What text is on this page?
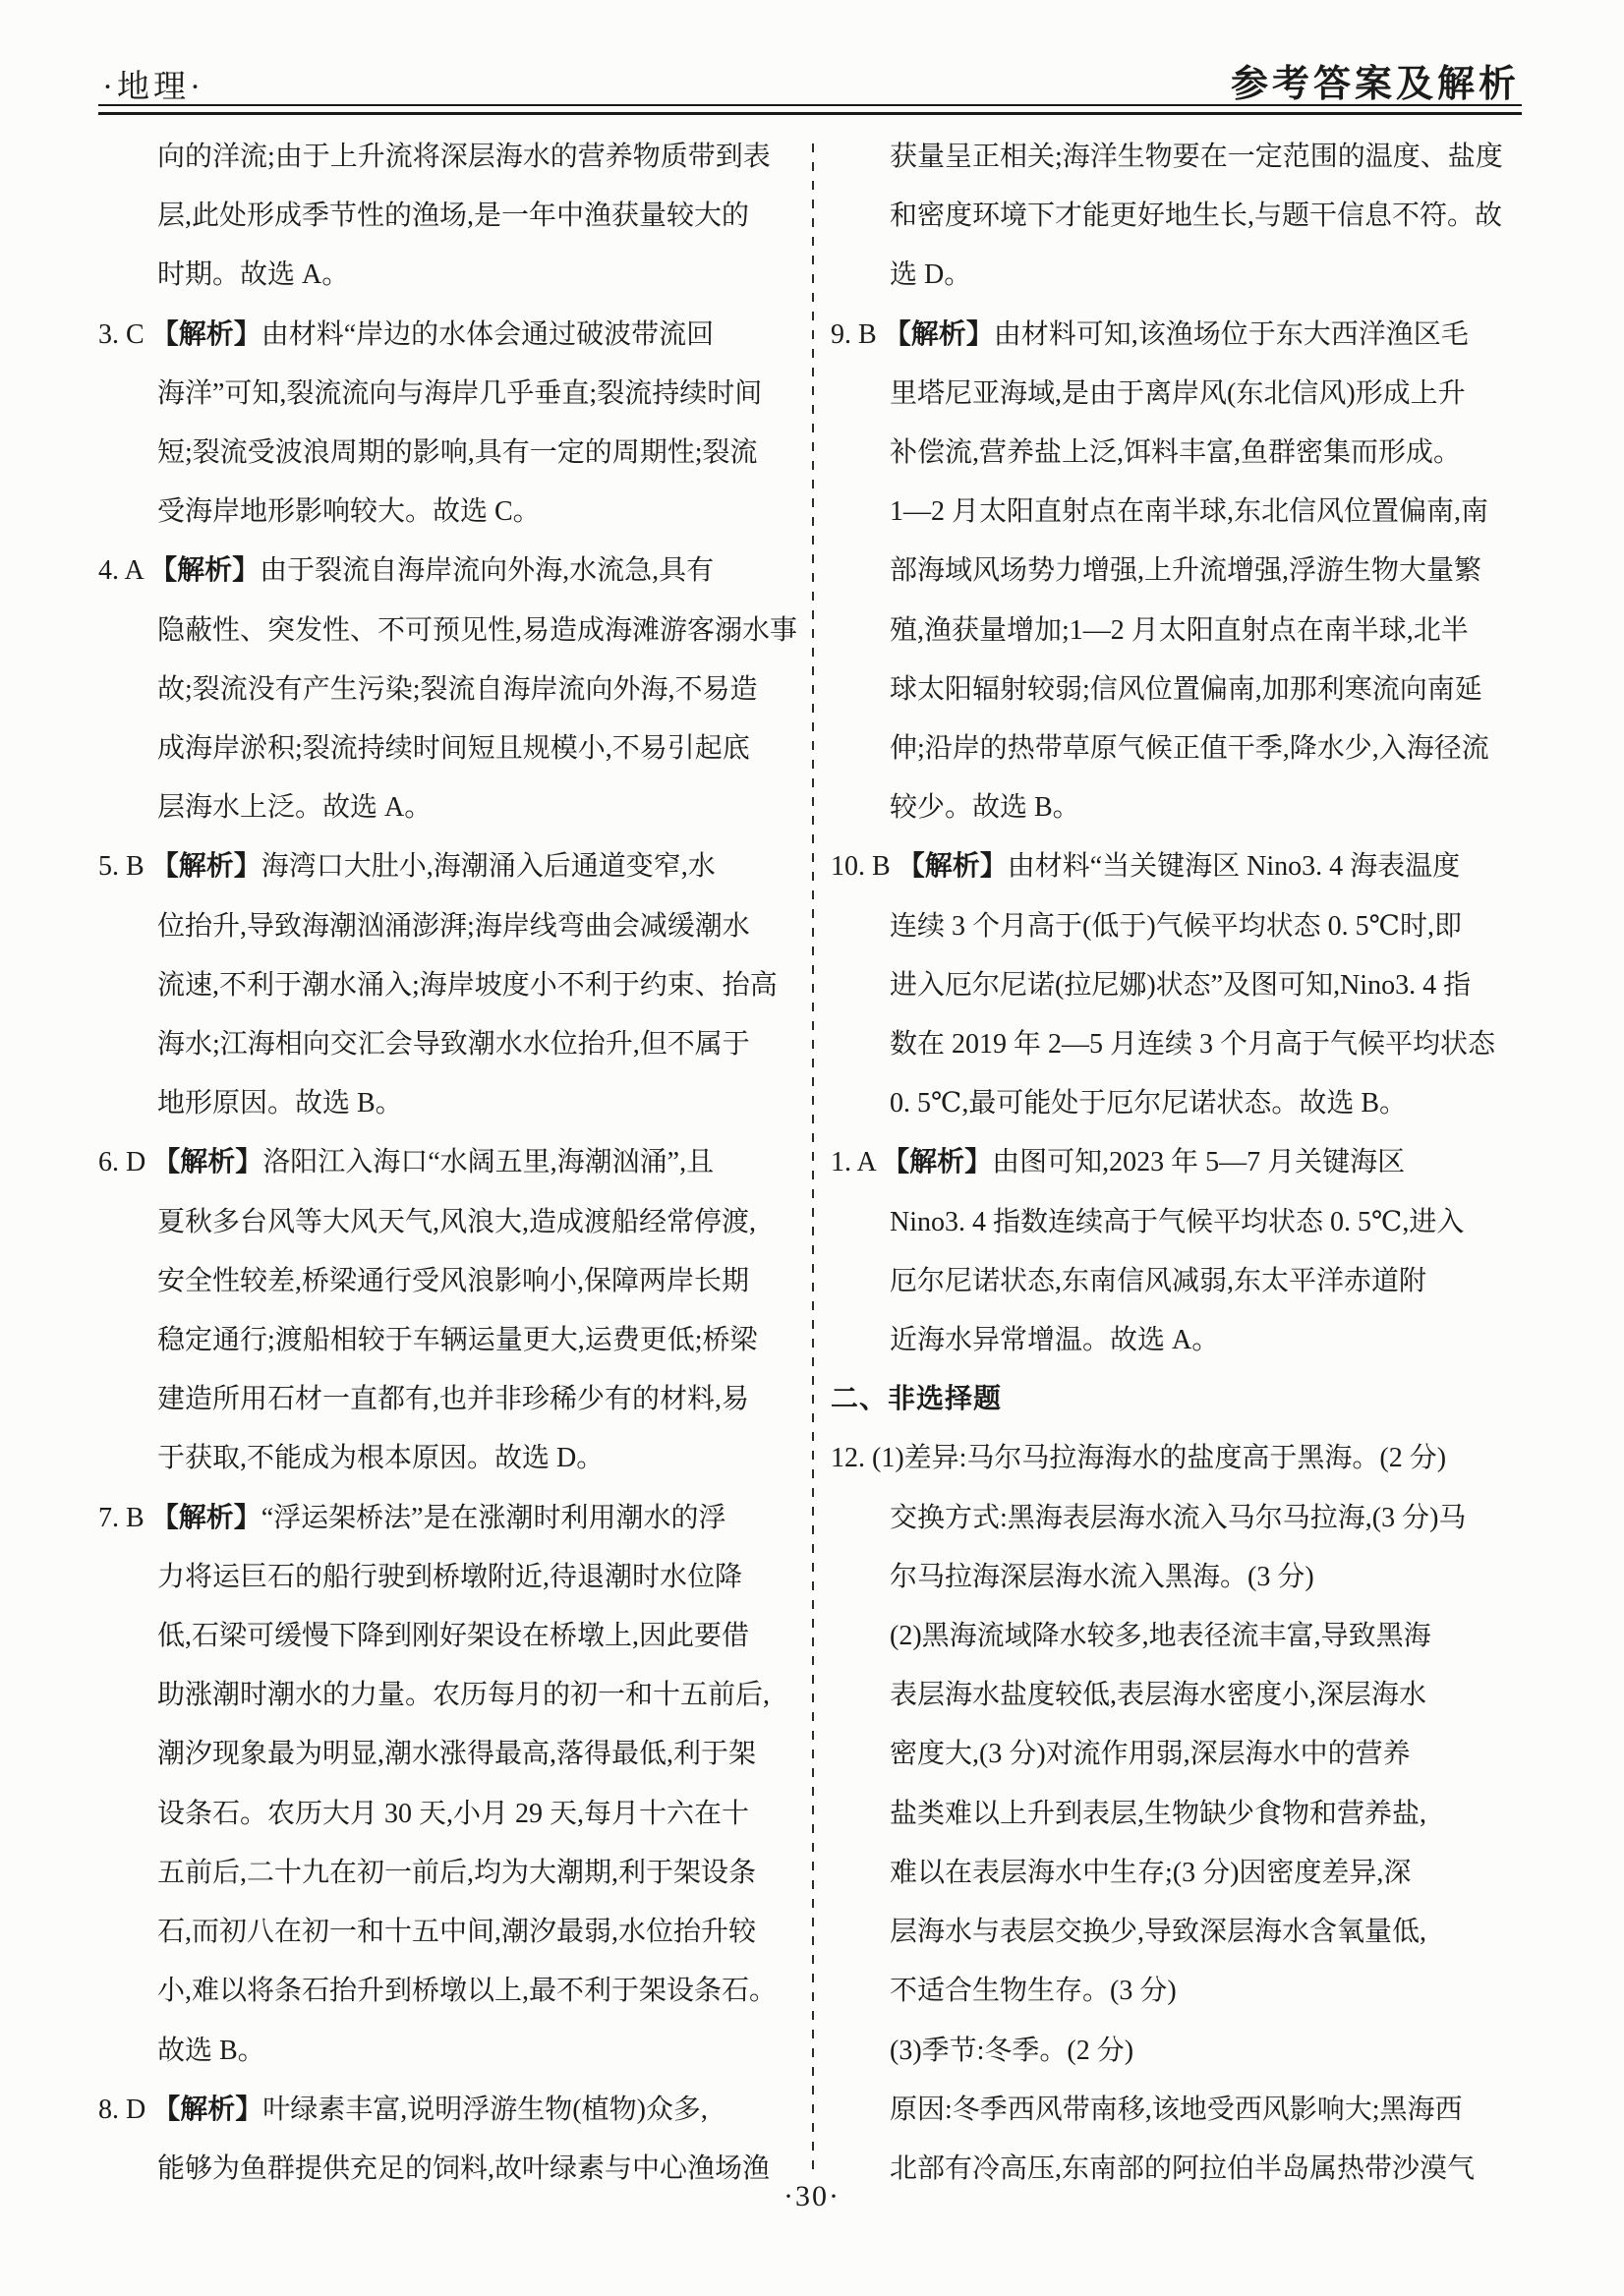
·地理·	参考答案及解析
向的洋流;由于上升流将深层海水的营养物质带到表
层,此处形成季节性的渔场,是一年中渔获量较大的
时期。故选 A。
3. C 【解析】由材料“岸边的水体会通过破波带流回
海洋”可知,裂流流向与海岸几乎垂直;裂流持续时间
短;裂流受波浪周期的影响,具有一定的周期性;裂流
受海岸地形影响较大。故选 C。
4. A 【解析】由于裂流自海岸流向外海,水流急,具有
隐蔽性、突发性、不可预见性,易造成海滩游客溺水事
故;裂流没有产生污染;裂流自海岸流向外海,不易造
成海岸淤积;裂流持续时间短且规模小,不易引起底
层海水上泛。故选 A。
5. B 【解析】海湾口大肚小,海潮涌入后通道变窄,水
位抬升,导致海潮汹涌澎湃;海岸线弯曲会减缓潮水
流速,不利于潮水涌入;海岸坡度小不利于约束、抬高
海水;江海相向交汇会导致潮水水位抬升,但不属于
地形原因。故选 B。
6. D 【解析】洛阳江入海口“水阔五里,海潮汹涌”,且
夏秋多台风等大风天气,风浪大,造成渡船经常停渡,
安全性较差,桥梁通行受风浪影响小,保障两岸长期
稳定通行;渡船相较于车辆运量更大,运费更低;桥梁
建造所用石材一直都有,也并非珍稀少有的材料,易
于获取,不能成为根本原因。故选 D。
7. B 【解析】“浮运架桥法”是在涨潮时利用潮水的浮
力将运巨石的船行驶到桥墩附近,待退潮时水位降
低,石梁可缓慢下降到刚好架设在桥墩上,因此要借
助涨潮时潮水的力量。农历每月的初一和十五前后,
潮汐现象最为明显,潮水涨得最高,落得最低,利于架
设条石。农历大月 30 天,小月 29 天,每月十六在十
五前后,二十九在初一前后,均为大潮期,利于架设条
石,而初八在初一和十五中间,潮汐最弱,水位抬升较
小,难以将条石抬升到桥墩以上,最不利于架设条石。
故选 B。
8. D 【解析】叶绿素丰富,说明浮游生物(植物)众多,
能够为鱼群提供充足的饲料,故叶绿素与中心渔场渔
获量呈正相关;海洋生物要在一定范围的温度、盐度
和密度环境下才能更好地生长,与题干信息不符。故
选 D。
9. B 【解析】由材料可知,该渔场位于东大西洋渔区毛
里塔尼亚海域,是由于离岸风(东北信风)形成上升
补偿流,营养盐上泛,饵料丰富,鱼群密集而形成。
1—2 月太阳直射点在南半球,东北信风位置偏南,南
部海域风场势力增强,上升流增强,浮游生物大量繁
殖,渔获量增加;1—2 月太阳直射点在南半球,北半
球太阳辐射较弱;信风位置偏南,加那利寒流向南延
伸;沿岸的热带草原气候正值干季,降水少,入海径流
较少。故选 B。
10. B 【解析】由材料“当关键海区 Nino3. 4 海表温度
连续 3 个月高于(低于)气候平均状态 0. 5℃时,即
进入厄尔尼诺(拉尼娜)状态”及图可知,Nino3. 4 指
数在 2019 年 2—5 月连续 3 个月高于气候平均状态
0. 5℃,最可能处于厄尔尼诺状态。故选 B。
1. A 【解析】由图可知,2023 年 5—7 月关键海区
Nino3. 4 指数连续高于气候平均状态 0. 5℃,进入
厄尔尼诺状态,东南信风减弱,东太平洋赤道附
近海水异常增温。故选 A。
二、非选择题
12. (1)差异:马尔马拉海海水的盐度高于黑海。(2 分)
交换方式:黑海表层海水流入马尔马拉海,(3 分)马
尔马拉海深层海水流入黑海。(3 分)
(2)黑海流域降水较多,地表径流丰富,导致黑海
表层海水盐度较低,表层海水密度小,深层海水
密度大,(3 分)对流作用弱,深层海水中的营养
盐类难以上升到表层,生物缺少食物和营养盐,
难以在表层海水中生存;(3 分)因密度差异,深
层海水与表层交换少,导致深层海水含氧量低,
不适合生物生存。(3 分)
(3)季节:冬季。(2 分)
原因:冬季西风带南移,该地受西风影响大;黑海西
北部有冷高压,东南部的阿拉伯半岛属热带沙漠气
·30·
